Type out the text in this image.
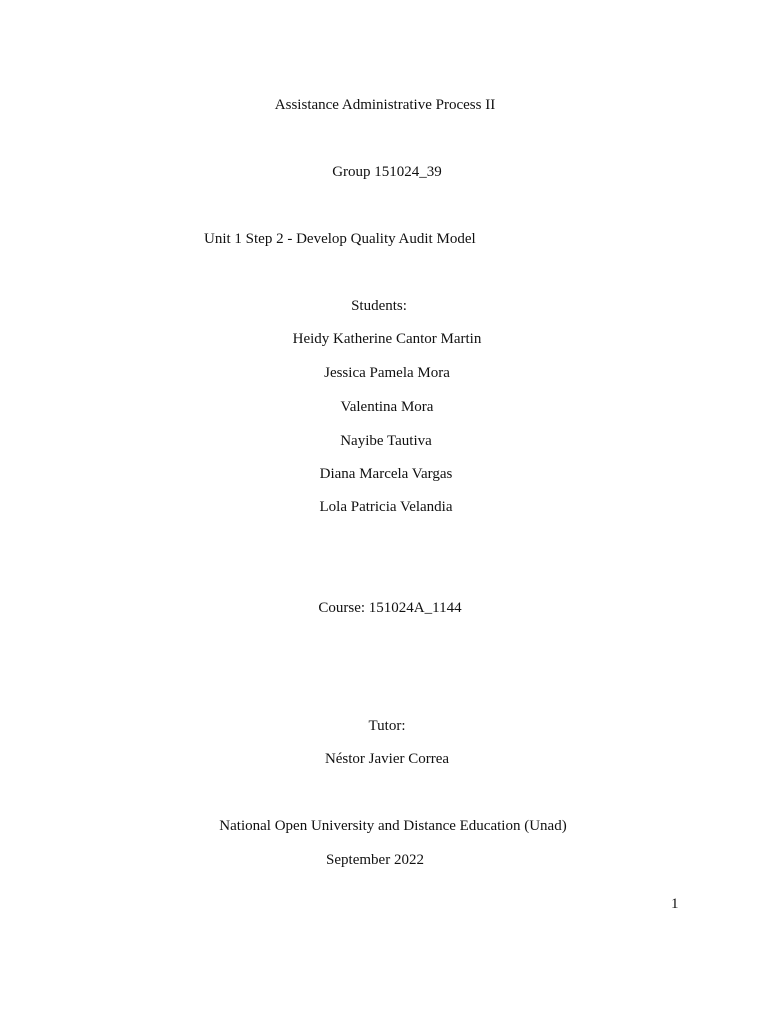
Assistance Administrative Process II
Group 151024_39
Unit 1 Step 2 - Develop Quality Audit Model
Students:
Heidy Katherine Cantor Martin
Jessica Pamela Mora
Valentina Mora
Nayibe Tautiva
Diana Marcela Vargas
Lola Patricia Velandia
Course: 151024A_1144
Tutor:
Néstor Javier Correa
National Open University and Distance Education (Unad)
September 2022
1
